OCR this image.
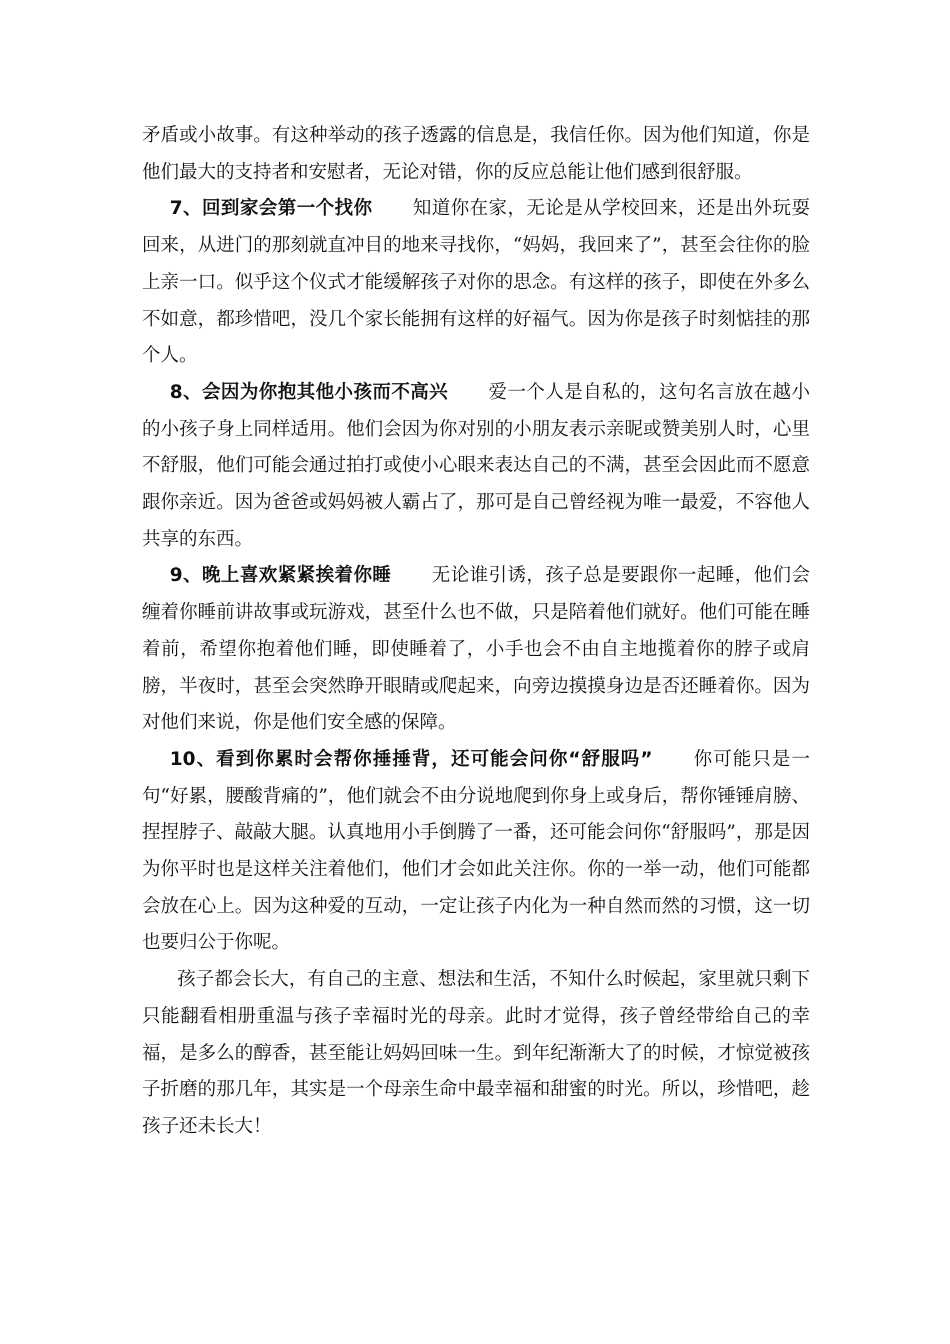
矛盾或小故事。有这种举动的孩子透露的信息是，我信任你。因为他们知道，你是他们最大的支持者和安慰者，无论对错，你的反应总能让他们感到很舒服。

7、回到家会第一个找你 知道你在家，无论是从学校回来，还是出外玩耍回来，从进门的那刻就直冲目的地来寻找你，“妈妈，我回来了”，甚至会往你的脸上亲一口。似乎这个仪式才能缓解孩子对你的思念。有这样的孩子，即使在外多么不如意，都珍惜吧，没几个家长能拥有这样的好福气。因为你是孩子时刻惦挂的那个人。

8、会因为你抱其他小孩而不高兴 爱一个人是自私的，这句名言放在越小的小孩子身上同样适用。他们会因为你对别的小朋友表示亲昵或赞美别人时，心里不舒服，他们可能会通过拍打或使小心眼来表达自己的不满，甚至会因此而不愿意跟你亲近。因为爸爸或妈妈被人霸占了，那可是自己曾经视为唯一最爱，不容他人共享的东西。

9、晚上喜欢紧紧挨着你睡 无论谁引诱，孩子总是要跟你一起睡，他们会缠着你睡前讲故事或玩游戏，甚至什么也不做，只是陪着他们就好。他们可能在睡着前，希望你抱着他们睡，即使睡着了，小手也会不由自主地揽着你的脖子或肩膀，半夜时，甚至会突然睁开眼睛或爬起来，向旁边摸摸身边是否还睡着你。因为对他们来说，你是他们安全感的保障。

10、看到你累时会帮你捶捶背，还可能会问你“舒服吗” 你可能只是一句“好累，腰酸背痛的”，他们就会不由分说地爬到你身上或身后，帮你锤锤肩膀、捏捏脖子、敲敲大腿。认真地用小手倒腾了一番，还可能会问你“舒服吗”，那是因为你平时也是这样关注着他们，他们才会如此关注你。你的一举一动，他们可能都会放在心上。因为这种爱的互动，一定让孩子内化为一种自然而然的习惯，这一切也要归公于你呢。

孩子都会长大，有自己的主意、想法和生活，不知什么时候起，家里就只剩下只能翻看相册重温与孩子幸福时光的母亲。此时才觉得，孩子曾经带给自己的幸福，是多么的醇香，甚至能让妈妈回味一生。到年纪渐渐大了的时候，才惊觉被孩子折磨的那几年，其实是一个母亲生命中最幸福和甜蜜的时光。所以，珍惜吧，趁孩子还未长大！
